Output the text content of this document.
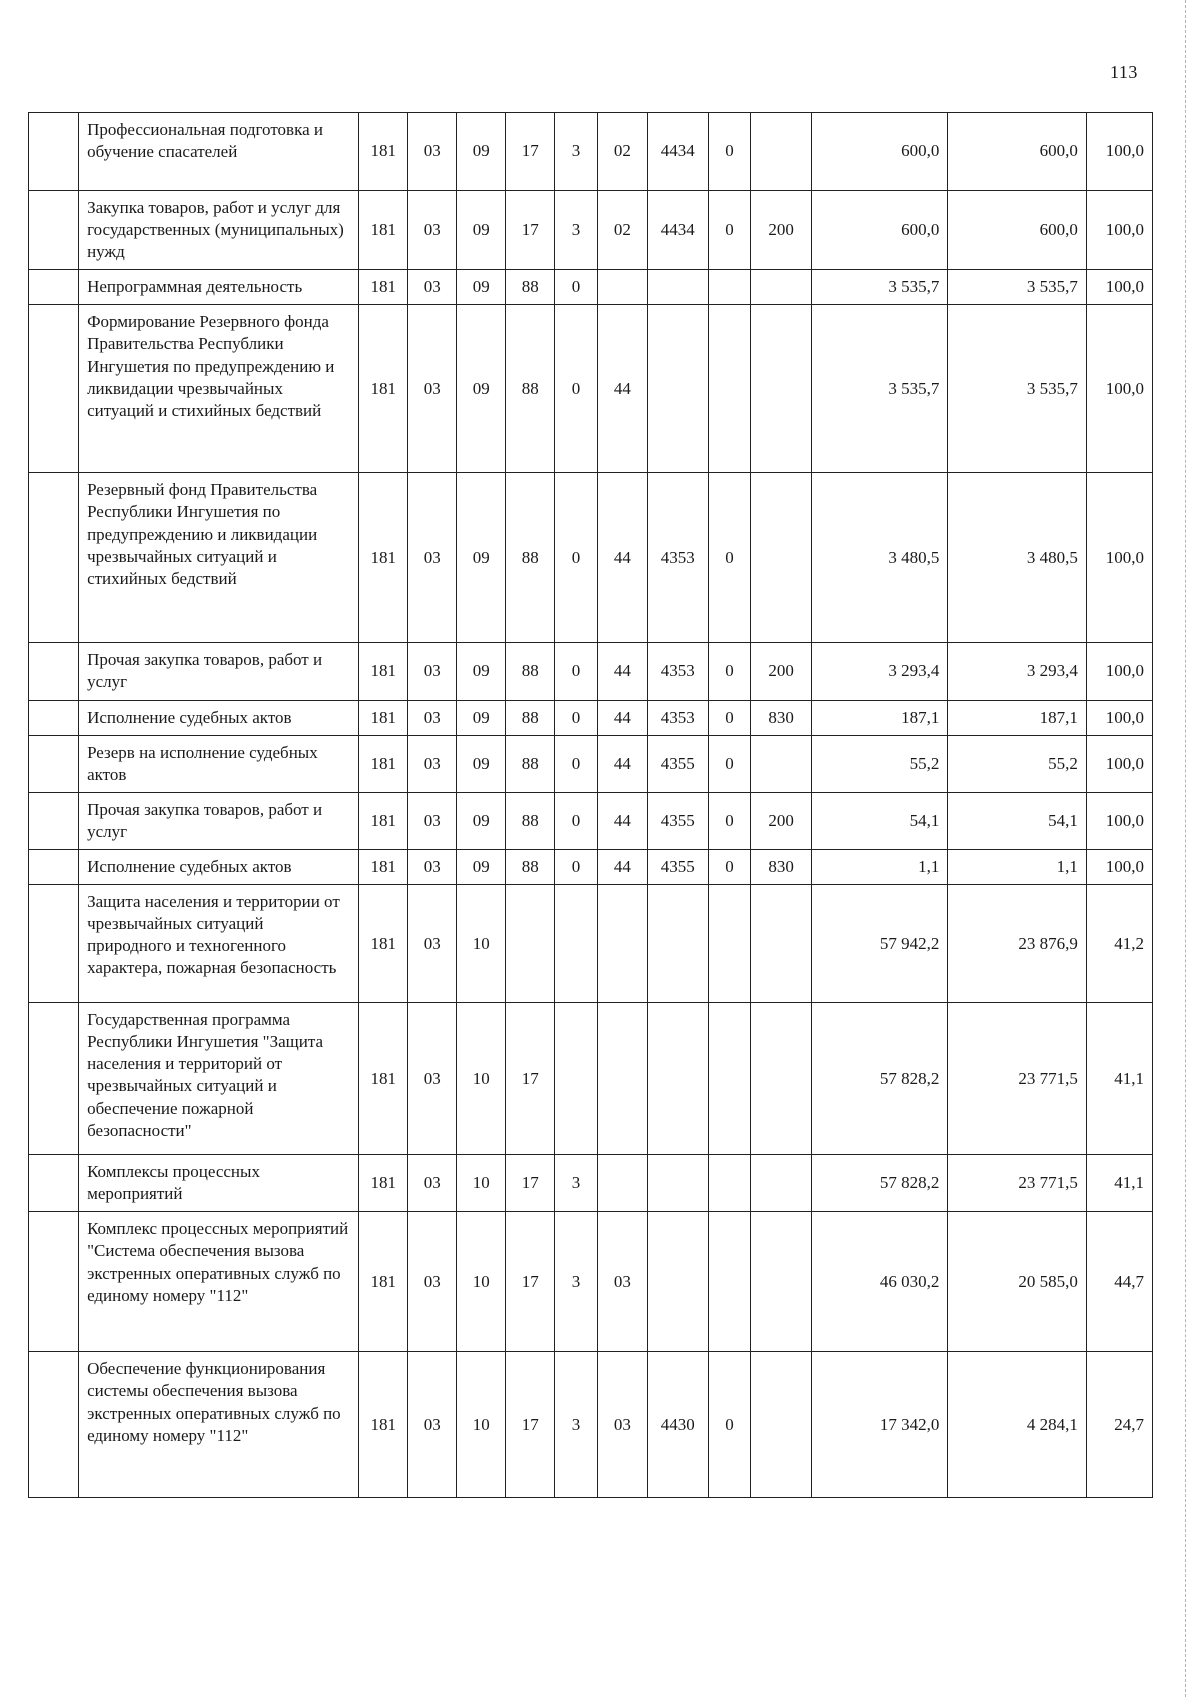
113
	Профессиональная подготовка и обучение спасателей	181	03	09	17	3	02	4434	0		600,0	600,0	100,0
	Закупка товаров, работ и услуг для государственных (муниципальных) нужд	181	03	09	17	3	02	4434	0	200	600,0	600,0	100,0
	Непрограммная деятельность	181	03	09	88	0					3 535,7	3 535,7	100,0
	Формирование Резервного фонда Правительства Республики Ингушетия по предупреждению и ликвидации чрезвычайных ситуаций и стихийных бедствий	181	03	09	88	0	44				3 535,7	3 535,7	100,0
	Резервный фонд Правительства Республики Ингушетия по предупреждению и ликвидации чрезвычайных ситуаций и стихийных бедствий	181	03	09	88	0	44	4353	0		3 480,5	3 480,5	100,0
	Прочая закупка товаров, работ и услуг	181	03	09	88	0	44	4353	0	200	3 293,4	3 293,4	100,0
	Исполнение судебных актов	181	03	09	88	0	44	4353	0	830	187,1	187,1	100,0
	Резерв на исполнение судебных актов	181	03	09	88	0	44	4355	0		55,2	55,2	100,0
	Прочая закупка товаров, работ и услуг	181	03	09	88	0	44	4355	0	200	54,1	54,1	100,0
	Исполнение судебных актов	181	03	09	88	0	44	4355	0	830	1,1	1,1	100,0
	Защита населения и территории от чрезвычайных ситуаций природного и техногенного характера, пожарная безопасность	181	03	10							57 942,2	23 876,9	41,2
	Государственная программа Республики Ингушетия "Защита населения и территорий от чрезвычайных ситуаций и обеспечение пожарной безопасности"	181	03	10	17						57 828,2	23 771,5	41,1
	Комплексы процессных мероприятий	181	03	10	17	3					57 828,2	23 771,5	41,1
	Комплекс процессных мероприятий "Система обеспечения вызова экстренных оперативных служб по единому номеру "112"	181	03	10	17	3	03				46 030,2	20 585,0	44,7
	Обеспечение функционирования системы обеспечения вызова экстренных оперативных служб по единому номеру "112"	181	03	10	17	3	03	4430	0		17 342,0	4 284,1	24,7
